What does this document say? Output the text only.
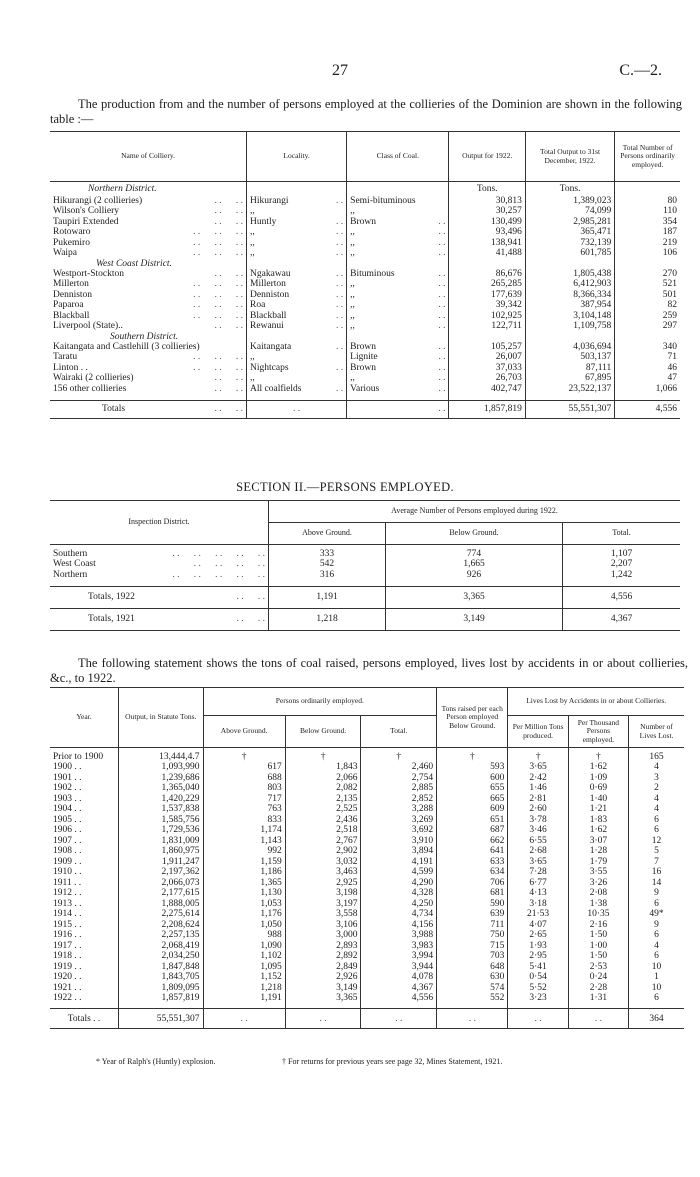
27	C.—2.
The production from and the number of persons employed at the collieries of the Dominion are shown in the following table :—
Name of Colliery.	Locality.	Class of Coal.	Output for 1922.	Total Output to 31st December, 1922.	Total Number of Persons ordinarily employed.
Northern District.			Tons.	Tons.	
Hikurangi (2 collieries) . .      . .	Hikurangi . .	Semi-bituminous	30,813	1,389,023	80
Wilson's Colliery . .      . .	,,	,,	30,257	74,099	110
Taupiri Extended . .      . .	Huntly . .	Brown . .	130,499	2,985,281	354
Rotowaro . .      . .      . .	,, . .	,, . .	93,496	365,471	187
Pukemiro . .      . .      . .	,, . .	,, . .	138,941	732,139	219
Waipa . .      . .      . .	,, . .	,, . .	41,488	601,785	106
West Coast District.					
Westport-Stockton . .      . .	Ngakawau . .	Bituminous . .	86,676	1,805,438	270
Millerton . .      . .      . .	Millerton . .	,, . .	265,285	6,412,903	521
Denniston . .      . .      . .	Denniston . .	,, . .	177,639	8,366,334	501
Paparoa . .      . .      . .	Roa . .	,, . .	39,342	387,954	82
Blackball . .      . .      . .	Blackball . .	,, . .	102,925	3,104,148	259
Liverpool (State).. . .      . .	Rewanui . .	,, . .	122,711	1,109,758	297
Southern District.					
Kaitangata and Castlehill (3 collieries)	Kaitangata . .	Brown . .	105,257	4,036,694	340
Taratu . .      . .      . .	,,	Lignite . .	26,007	503,137	71
Linton . . . .      . .      . .	Nightcaps . .	Brown . .	37,033	87,111	46
Wairaki (2 collieries) . .      . .	,,	,, . .	26,703	67,895	47
156 other collieries . .      . .	All coalfields . .	Various . .	402,747	23,522,137	1,066

Totals . .      . .	. .	. .	1,857,819	55,551,307	4,556
SECTION II.—PERSONS EMPLOYED.
Inspection District.	Average Number of Persons employed during 1922.		
	Above Ground.	Below Ground.	Total.
Southern . .      . .      . .      . .      . .	333	774	1,107
West Coast . .      . .      . .      . .	542	1,665	2,207
Northern . .      . .      . .      . .      . .	316	926	1,242

Totals, 1922 . .      . .	1,191	3,365	4,556
Totals, 1921 . .      . .	1,218	3,149	4,367
The following statement shows the tons of coal raised, persons employed, lives lost by accidents in or about collieries, &c., to 1922.
Year.	Output, in Statute Tons.	Persons ordinarily employed.			Tons raised per each Person employed Below Ground.	Lives Lost by Accidents in or about Collieries.		
		Above Ground.	Below Ground.	Total.		Per Million Tons produced.	Per Thousand Persons employed.	Number of Lives Lost.
Prior to 1900	13,444,4.7	†	†	†	†	†	†	165
1900 . .	1,093,990	617	1,843	2,460	593	3·65	1·62	4
1901 . .	1,239,686	688	2,066	2,754	600	2·42	1·09	3
1902 . .	1,365,040	803	2,082	2,885	655	1·46	0·69	2
1903 . .	1,420,229	717	2,135	2,852	665	2·81	1·40	4
1904 . .	1,537,838	763	2,525	3,288	609	2·60	1·21	4
1905 . .	1,585,756	833	2,436	3,269	651	3·78	1·83	6
1906 . .	1,729,536	1,174	2,518	3,692	687	3·46	1·62	6
1907 . .	1,831,009	1,143	2,767	3,910	662	6·55	3·07	12
1908 . .	1,860,975	992	2,902	3,894	641	2·68	1·28	5
1909 . .	1,911,247	1,159	3,032	4,191	633	3·65	1·79	7
1910 . .	2,197,362	1,186	3,463	4,599	634	7·28	3·55	16
1911 . .	2,066,073	1,365	2,925	4,290	706	6·77	3·26	14
1912 . .	2,177,615	1,130	3,198	4,328	681	4·13	2·08	9
1913 . .	1,888,005	1,053	3,197	4,250	590	3·18	1·38	6
1914 . .	2,275,614	1,176	3,558	4,734	639	21·53	10·35	49*
1915 . .	2,208,624	1,050	3,106	4,156	711	4·07	2·16	9
1916 . .	2,257,135	988	3,000	3,988	750	2·65	1·50	6
1917 . .	2,068,419	1,090	2,893	3,983	715	1·93	1·00	4
1918 . .	2,034,250	1,102	2,892	3,994	703	2·95	1·50	6
1919 . .	1,847,848	1,095	2,849	3,944	648	5·41	2·53	10
1920 . .	1,843,705	1,152	2,926	4,078	630	0·54	0·24	1
1921 . .	1,809,095	1,218	3,149	4,367	574	5·52	2·28	10
1922 . .	1,857,819	1,191	3,365	4,556	552	3·23	1·31	6

Totals . .	55,551,307	. .	. .	. .	. .	. .	. .	364
* Year of Ralph's (Huntly) explosion.	† For returns for previous years see page 32, Mines Statement, 1921.
